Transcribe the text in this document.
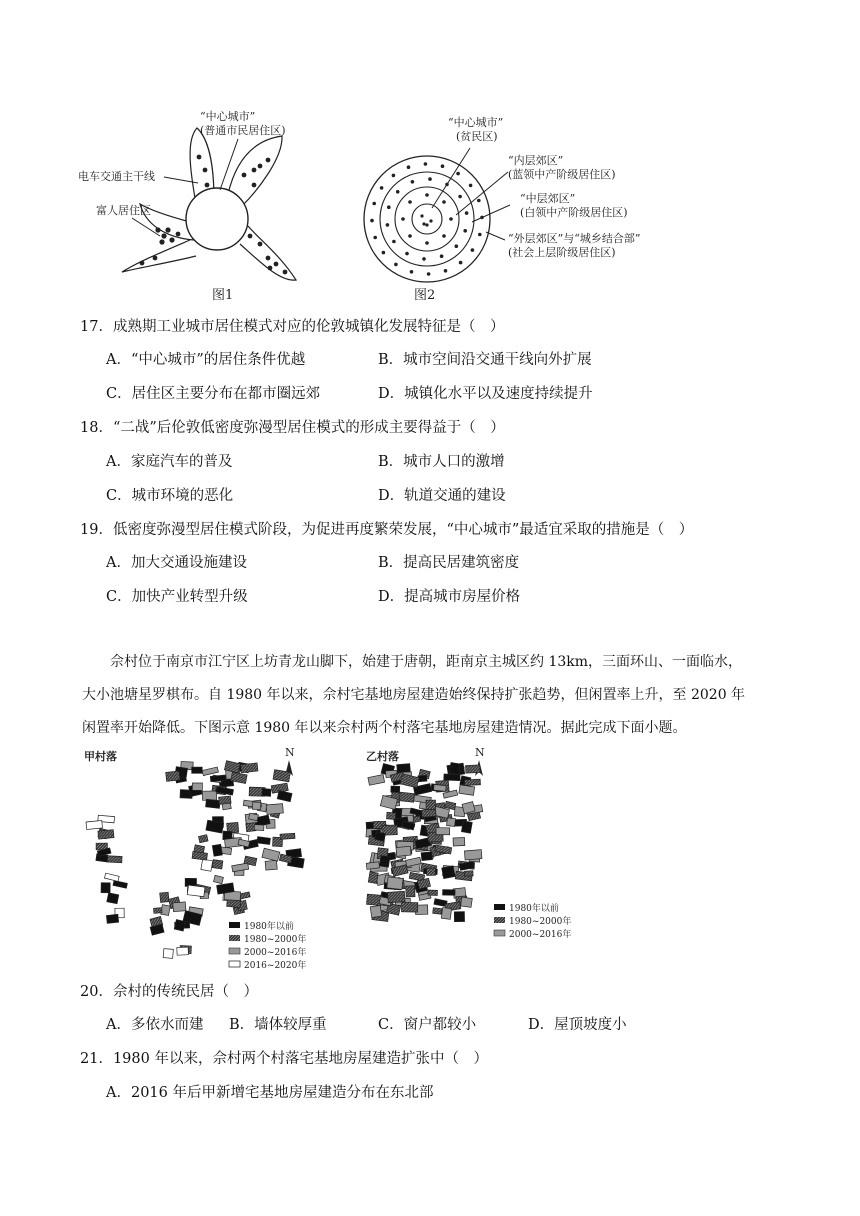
“中心城市”
(普通市民居住区)
电车交通主干线
富人居住区
图1
“中心城市”
(贫民区)
“内层郊区”
(蓝领中产阶级居住区)
“中层郊区”
(白领中产阶级居住区)
“外层郊区”与“城乡结合部”
(社会上层阶级居住区)
图2
17．成熟期工业城市居住模式对应的伦敦城镇化发展特征是（　）
A．“中心城市”的居住条件优越	B．城市空间沿交通干线向外扩展
C．居住区主要分布在都市圈远郊	D．城镇化水平以及速度持续提升
18．“二战”后伦敦低密度弥漫型居住模式的形成主要得益于（　）
A．家庭汽车的普及	B．城市人口的激增
C．城市环境的恶化	D．轨道交通的建设
19．低密度弥漫型居住模式阶段，为促进再度繁荣发展，“中心城市”最适宜采取的措施是（　）
A．加大交通设施建设	B．提高民居建筑密度
C．加快产业转型升级	D．提高城市房屋价格
佘村位于南京市江宁区上坊青龙山脚下，始建于唐朝，距南京主城区约 13km，三面环山、一面临水，
大小池塘星罗棋布。自 1980 年以来，佘村宅基地房屋建造始终保持扩张趋势，但闲置率上升，至 2020 年
闲置率开始降低。下图示意 1980 年以来佘村两个村落宅基地房屋建造情况。据此完成下面小题。
甲村落	N
1980年以前
1980~2000年
2000~2016年
2016~2020年
乙村落	N
1980年以前
1980~2000年
2000~2016年
20．佘村的传统民居（　）
A．多依水而建 B．墙体较厚重	C．窗户都较小	D．屋顶坡度小
21．1980 年以来，佘村两个村落宅基地房屋建造扩张中（　）
A．2016 年后甲新增宅基地房屋建造分布在东北部
